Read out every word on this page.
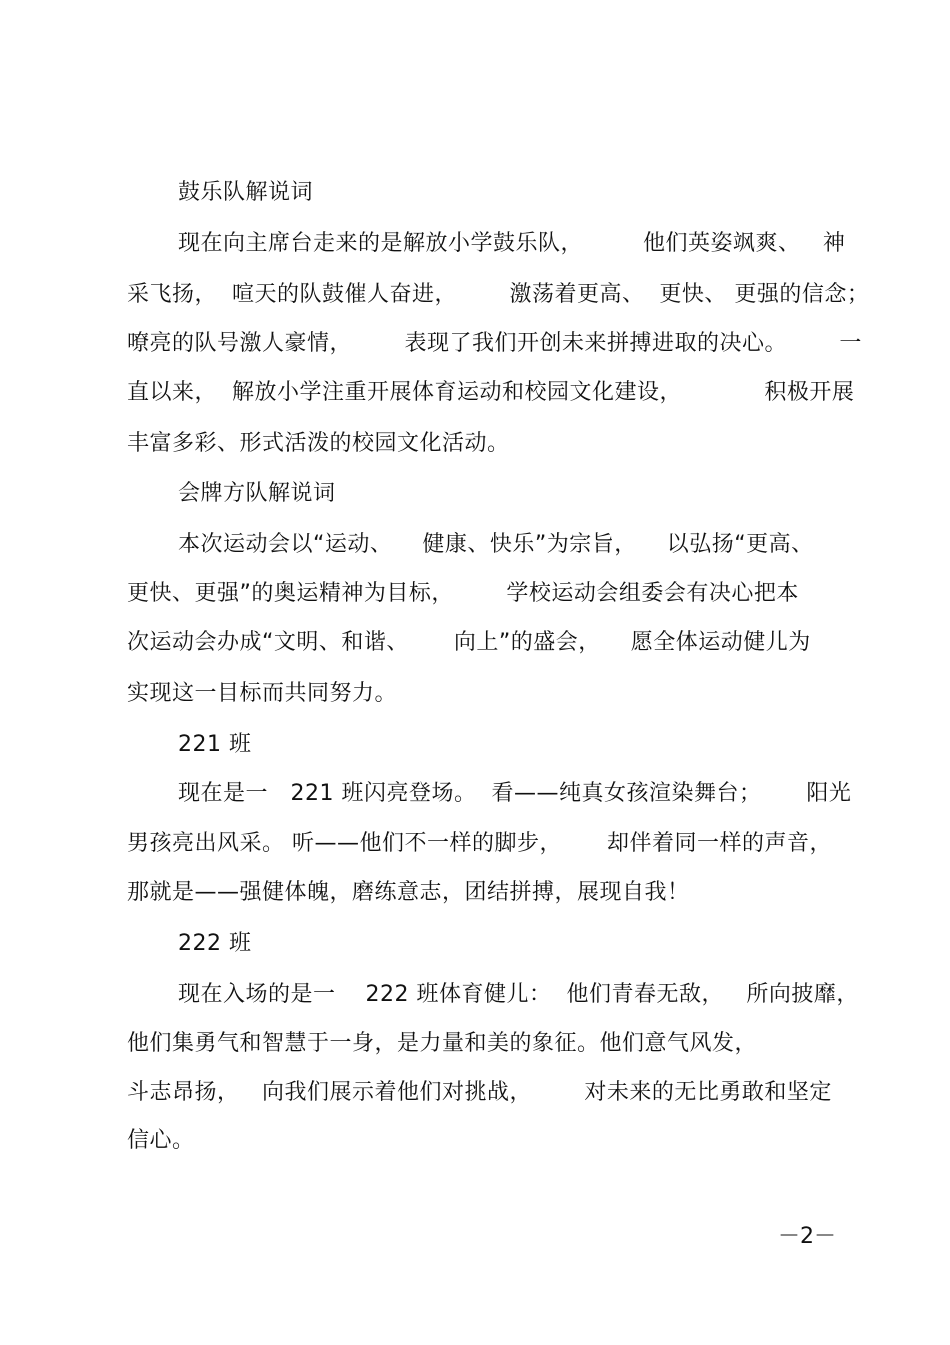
鼓乐队解说词
现在向主席台走来的是解放小学鼓乐队，        他们英姿飒爽、   神
采飞扬，  喧天的队鼓催人奋进，       激荡着更高、  更快、 更强的信念；
嘹亮的队号激人豪情，       表现了我们开创未来拼搏进取的决心。       一
直以来，  解放小学注重开展体育运动和校园文化建设，           积极开展
丰富多彩、形式活泼的校园文化活动。
会牌方队解说词
本次运动会以“运动、    健康、快乐”为宗旨，    以弘扬“更高、
更快、更强”的奥运精神为目标，       学校运动会组委会有决心把本
次运动会办成“文明、和谐、      向上”的盛会，    愿全体运动健儿为
实现这一目标而共同努力。
221 班
现在是一   221 班闪亮登场。  看——纯真女孩渲染舞台；      阳光
男孩亮出风采。 听——他们不一样的脚步，      却伴着同一样的声音，
那就是——强健体魄，磨练意志，团结拼搏，展现自我！
222 班
现在入场的是一    222 班体育健儿：  他们青春无敌，   所向披靡，
他们集勇气和智慧于一身，是力量和美的象征。他们意气风发，
斗志昂扬，   向我们展示着他们对挑战，       对未来的无比勇敢和坚定
信心。
－2－
